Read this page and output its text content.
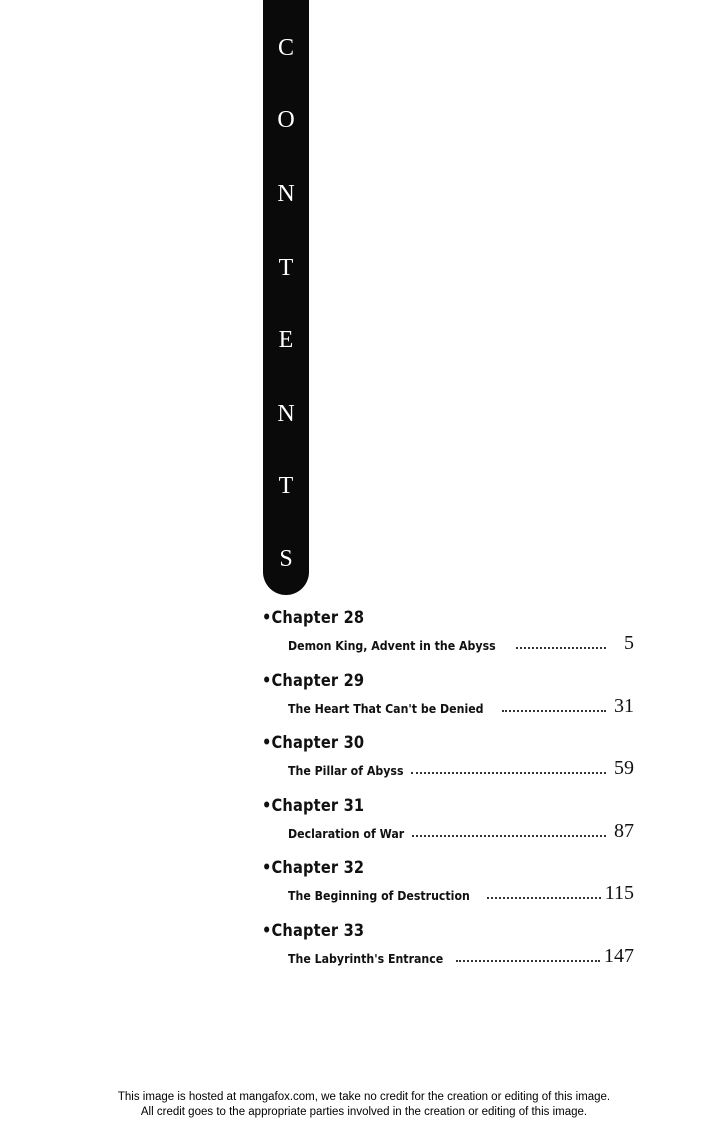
C
O
N
T
E
N
T
S
•Chapter 28
Demon King, Advent in the Abyss	5
•Chapter 29
The Heart That Can't be Denied	31
•Chapter 30
The Pillar of Abyss	59
•Chapter 31
Declaration of War	87
•Chapter 32
The Beginning of Destruction	115
•Chapter 33
The Labyrinth's Entrance	147
This image is hosted at mangafox.com, we take no credit for the creation or editing of this image.
All credit goes to the appropriate parties involved in the creation or editing of this image.
